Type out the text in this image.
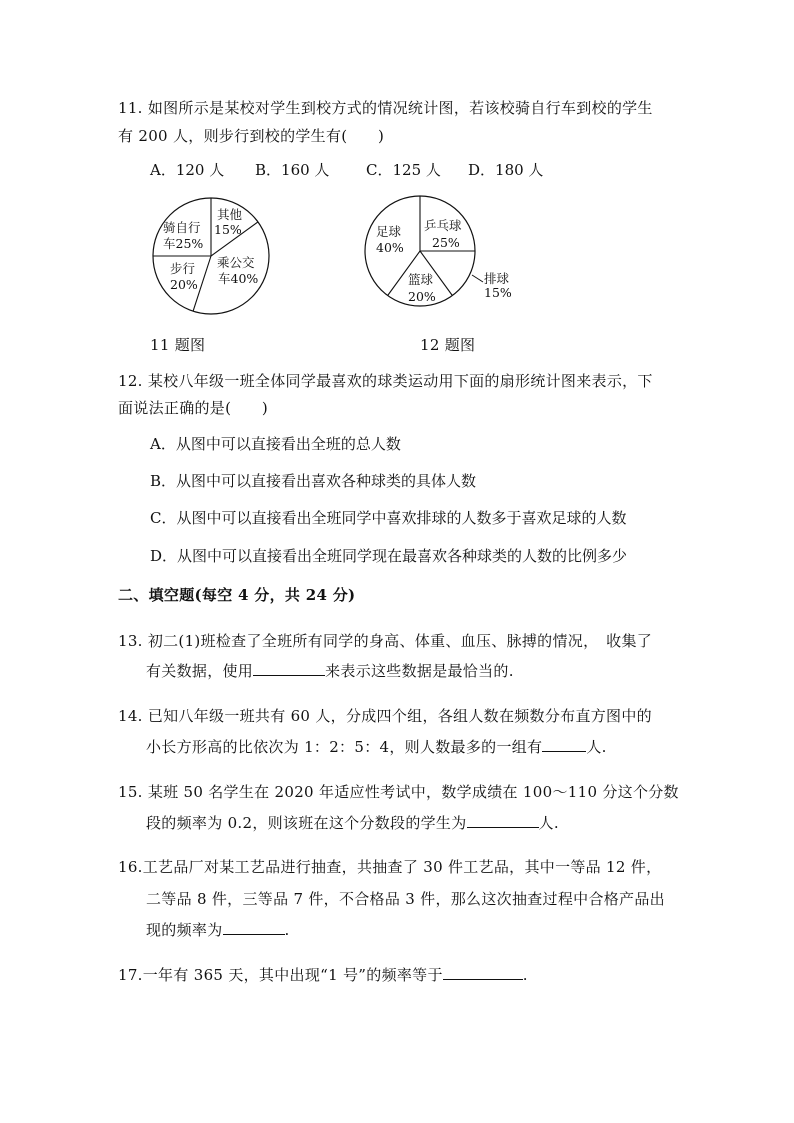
11. 如图所示是某校对学生到校方式的情况统计图，若该校骑自行车到校的学生
有 200 人，则步行到校的学生有(　　)
A．120 人 B．160 人 C．125 人 D．180 人
骑自行
车25%
其他
15%
乘公交
车40%
步行
20%
足球
40%
乒乓球
25%
篮球
20%
排球
15%
11 题图	12 题图
12. 某校八年级一班全体同学最喜欢的球类运动用下面的扇形统计图来表示，下
面说法正确的是(　　)
A．从图中可以直接看出全班的总人数
B．从图中可以直接看出喜欢各种球类的具体人数
C．从图中可以直接看出全班同学中喜欢排球的人数多于喜欢足球的人数
D．从图中可以直接看出全班同学现在最喜欢各种球类的人数的比例多少
二、填空题(每空 4 分，共 24 分)
13. 初二(1)班检查了全班所有同学的身高、体重、血压、脉搏的情况，　收集了
有关数据，使用	来表示这些数据是最恰当的.
14. 已知八年级一班共有 60 人，分成四个组，各组人数在频数分布直方图中的
小长方形高的比依次为 1：2：5：4，则人数最多的一组有	人.
15. 某班 50 名学生在 2020 年适应性考试中，数学成绩在 100～110 分这个分数
段的频率为 0.2，则该班在这个分数段的学生为	人.
16.工艺品厂对某工艺品进行抽查，共抽查了 30 件工艺品，其中一等品 12 件，
二等品 8 件，三等品 7 件，不合格品 3 件，那么这次抽查过程中合格产品出
现的频率为	.
17.一年有 365 天，其中出现“1 号”的频率等于	.
